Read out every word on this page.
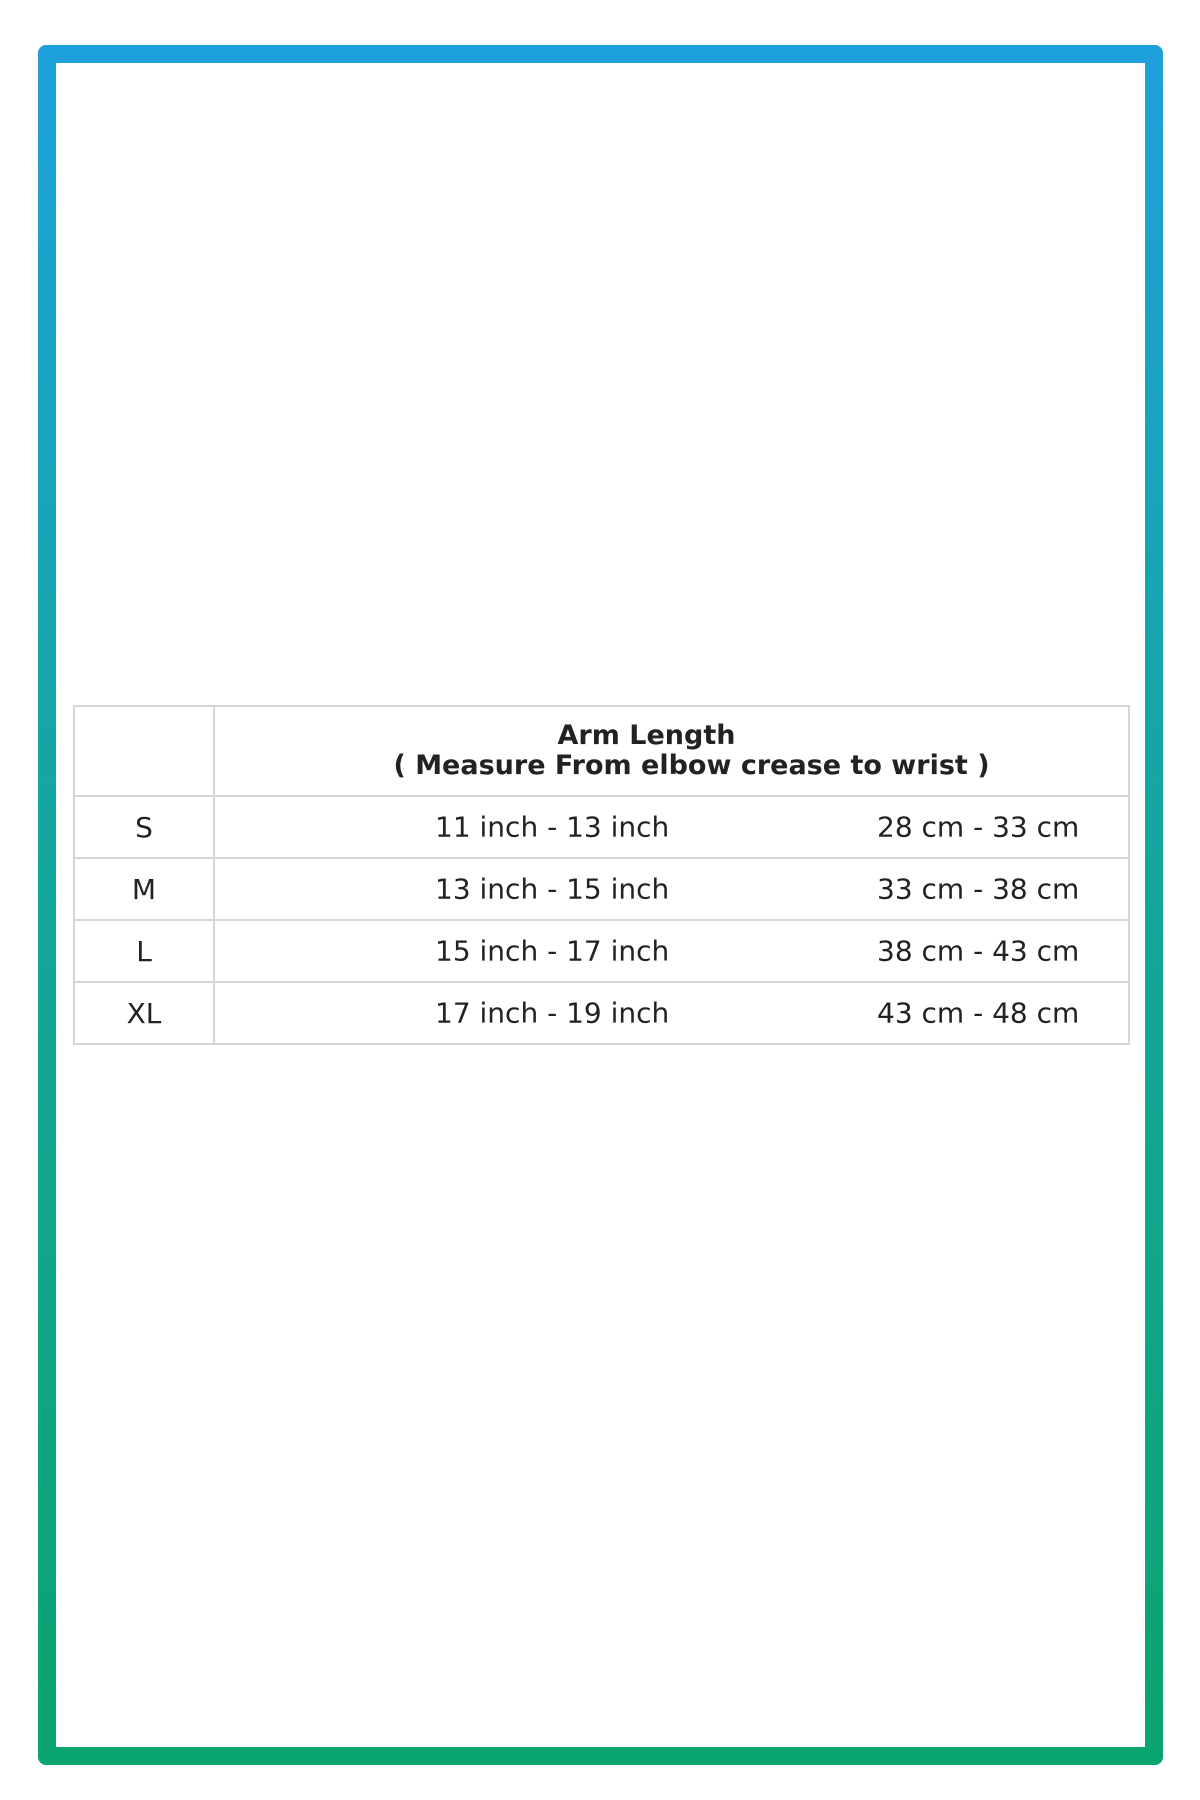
	Arm Length
( Measure From elbow crease to wrist )

S	11 inch - 13 inch 28 cm - 33 cm

M	13 inch - 15 inch 33 cm - 38 cm

L	15 inch - 17 inch 38 cm - 43 cm

XL	17 inch - 19 inch 43 cm - 48 cm
